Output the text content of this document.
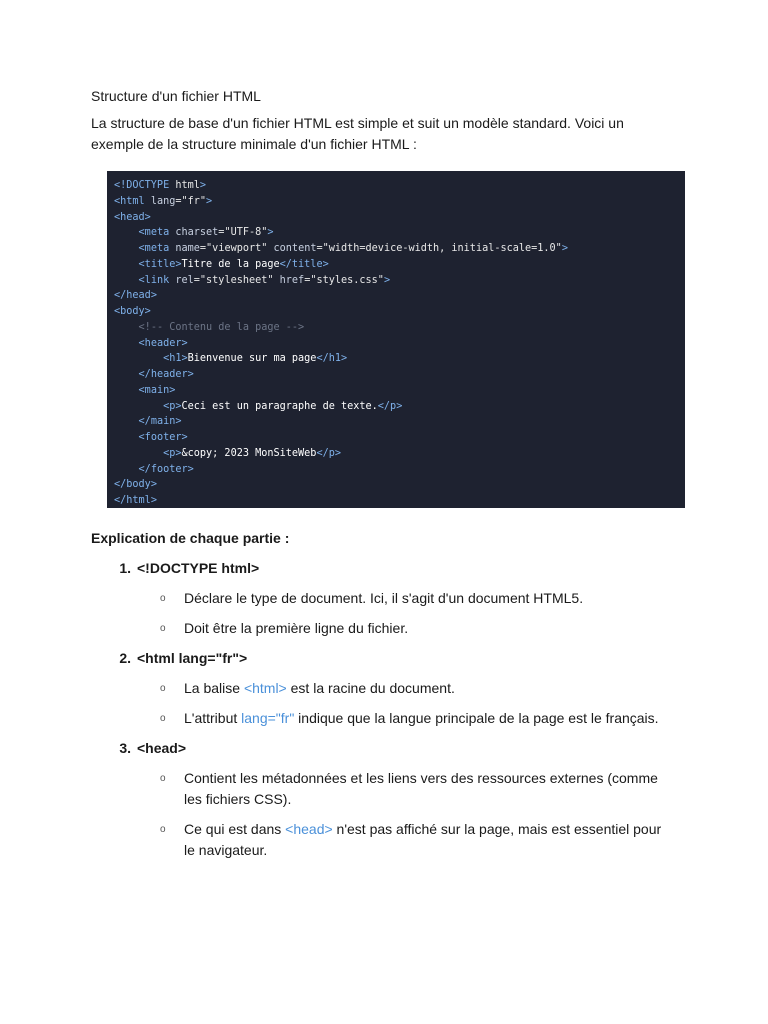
Structure d'un fichier HTML

La structure de base d'un fichier HTML est simple et suit un modèle standard. Voici un exemple de la structure minimale d'un fichier HTML :

<!DOCTYPE html>
<html lang="fr">
<head>
<meta charset="UTF-8">
<meta name="viewport" content="width=device-width, initial-scale=1.0">
<title>Titre de la page</title>
<link rel="stylesheet" href="styles.css">
</head>
<body>
<!-- Contenu de la page -->
<header>
<h1>Bienvenue sur ma page</h1>
</header>
<main>
<p>Ceci est un paragraphe de texte.</p>
</main>
<footer>
<p>&copy; 2023 MonSiteWeb</p>
</footer>
</body>
</html>

Explication de chaque partie :

1. <!DOCTYPE html>
o	Déclare le type de document. Ici, il s'agit d'un document HTML5.
o	Doit être la première ligne du fichier.
2. <html lang="fr">
o	La balise <html> est la racine du document.
o	L'attribut lang="fr" indique que la langue principale de la page est le français.
3. <head>
o	Contient les métadonnées et les liens vers des ressources externes (comme les fichiers CSS).
o	Ce qui est dans <head> n'est pas affiché sur la page, mais est essentiel pour le navigateur.
